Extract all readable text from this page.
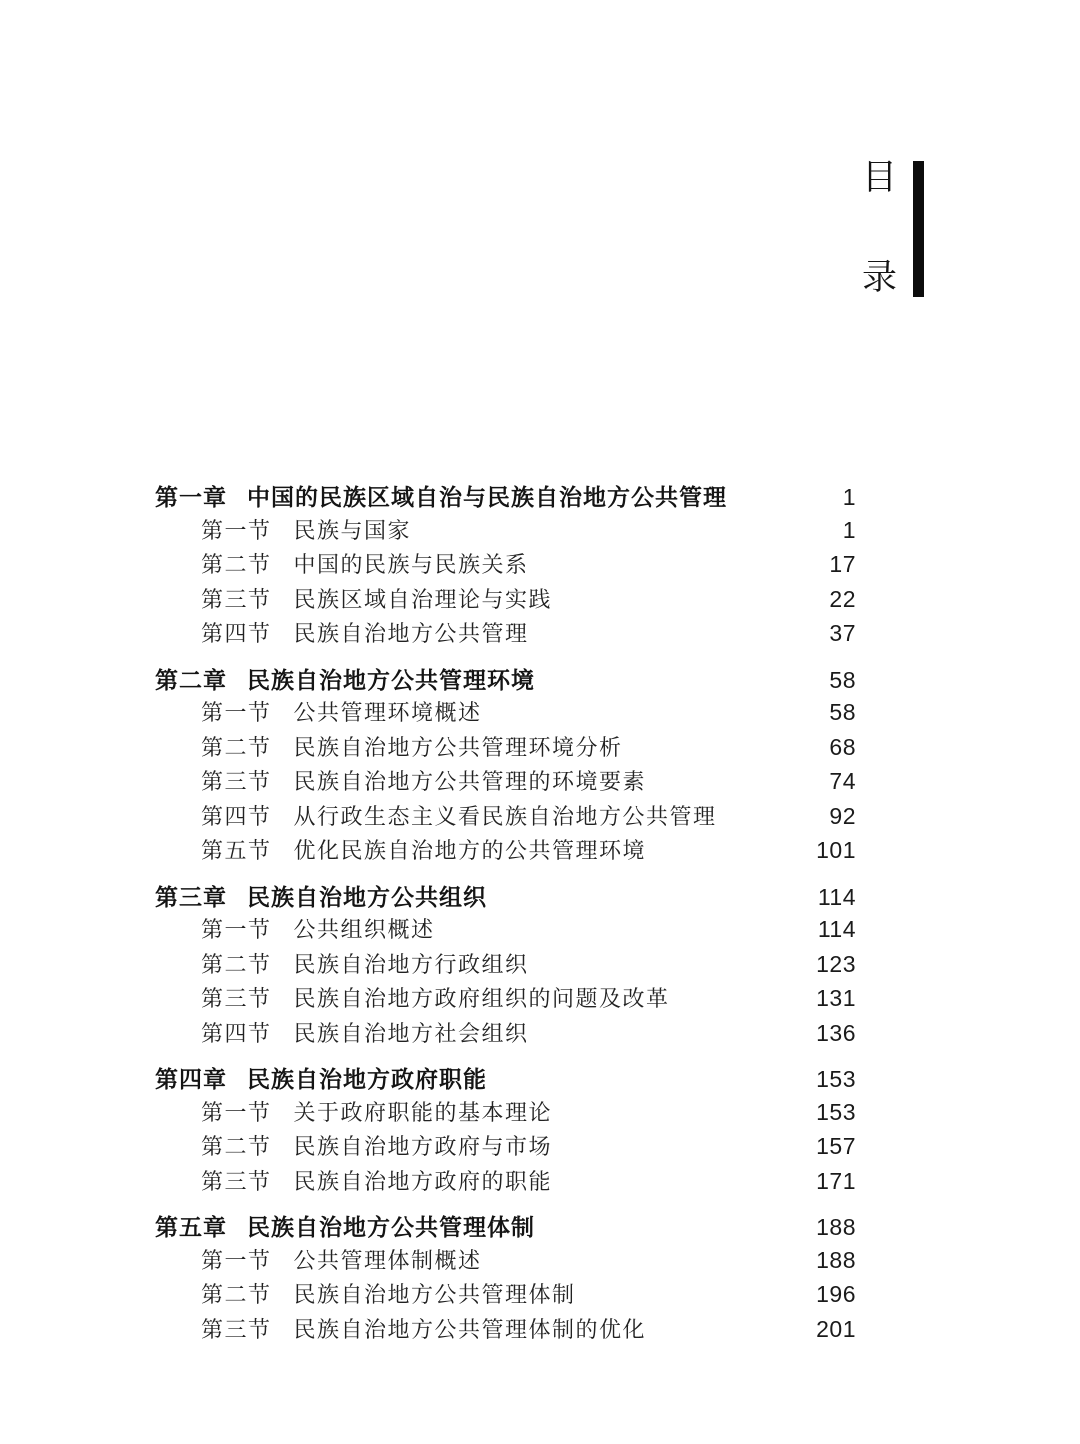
目
录
第一章 中国的民族区域自治与民族自治地方公共管理	1
第一节 民族与国家	1
第二节 中国的民族与民族关系	17
第三节 民族区域自治理论与实践	22
第四节 民族自治地方公共管理	37
第二章 民族自治地方公共管理环境	58
第一节 公共管理环境概述	58
第二节 民族自治地方公共管理环境分析	68
第三节 民族自治地方公共管理的环境要素	74
第四节 从行政生态主义看民族自治地方公共管理	92
第五节 优化民族自治地方的公共管理环境	101
第三章 民族自治地方公共组织	114
第一节 公共组织概述	114
第二节 民族自治地方行政组织	123
第三节 民族自治地方政府组织的问题及改革	131
第四节 民族自治地方社会组织	136
第四章 民族自治地方政府职能	153
第一节 关于政府职能的基本理论	153
第二节 民族自治地方政府与市场	157
第三节 民族自治地方政府的职能	171
第五章 民族自治地方公共管理体制	188
第一节 公共管理体制概述	188
第二节 民族自治地方公共管理体制	196
第三节 民族自治地方公共管理体制的优化	201
